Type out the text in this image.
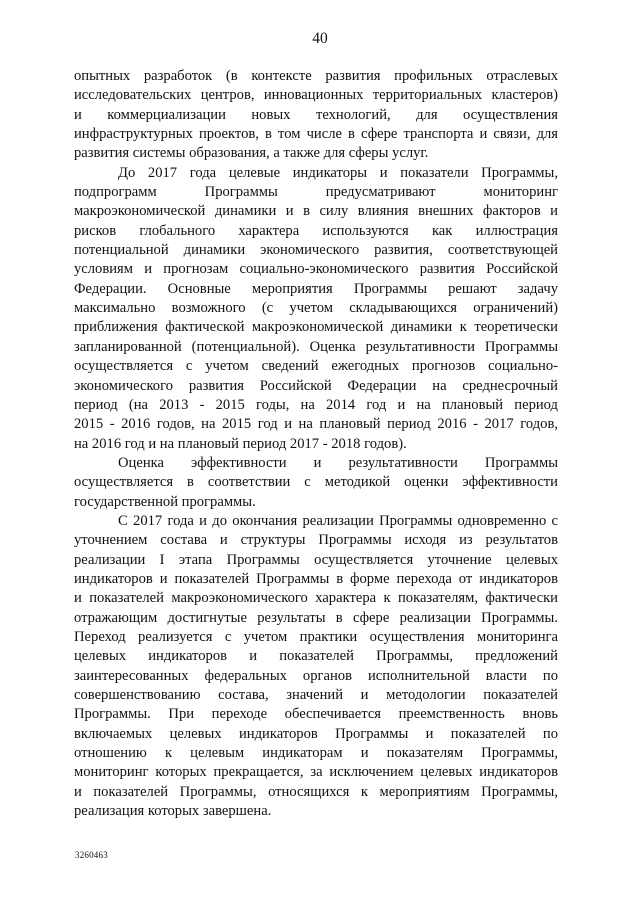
40
опытных разработок (в контексте развития профильных отраслевых
исследовательских центров, инновационных территориальных кластеров)
и коммерциализации новых технологий, для осуществления
инфраструктурных проектов, в том числе в сфере транспорта и связи, для
развития системы образования, а также для сферы услуг.
До 2017 года целевые индикаторы и показатели Программы,
подпрограмм Программы предусматривают мониторинг
макроэкономической динамики и в силу влияния внешних факторов и
рисков глобального характера используются как иллюстрация
потенциальной динамики экономического развития, соответствующей
условиям и прогнозам социально-экономического развития Российской
Федерации. Основные мероприятия Программы решают задачу
максимально возможного (с учетом складывающихся ограничений)
приближения фактической макроэкономической динамики к теоретически
запланированной (потенциальной). Оценка результативности Программы
осуществляется с учетом сведений ежегодных прогнозов социально-
экономического развития Российской Федерации на среднесрочный
период (на 2013 - 2015 годы, на 2014 год и на плановый период
2015 - 2016 годов, на 2015 год и на плановый период 2016 - 2017 годов,
на 2016 год и на плановый период 2017 - 2018 годов).
Оценка эффективности и результативности Программы
осуществляется в соответствии с методикой оценки эффективности
государственной программы.
С 2017 года и до окончания реализации Программы одновременно с
уточнением состава и структуры Программы исходя из результатов
реализации I этапа Программы осуществляется уточнение целевых
индикаторов и показателей Программы в форме перехода от индикаторов
и показателей макроэкономического характера к показателям, фактически
отражающим достигнутые результаты в сфере реализации Программы.
Переход реализуется с учетом практики осуществления мониторинга
целевых индикаторов и показателей Программы, предложений
заинтересованных федеральных органов исполнительной власти по
совершенствованию состава, значений и методологии показателей
Программы. При переходе обеспечивается преемственность вновь
включаемых целевых индикаторов Программы и показателей по
отношению к целевым индикаторам и показателям Программы,
мониторинг которых прекращается, за исключением целевых индикаторов
и показателей Программы, относящихся к мероприятиям Программы,
реализация которых завершена.
3260463
